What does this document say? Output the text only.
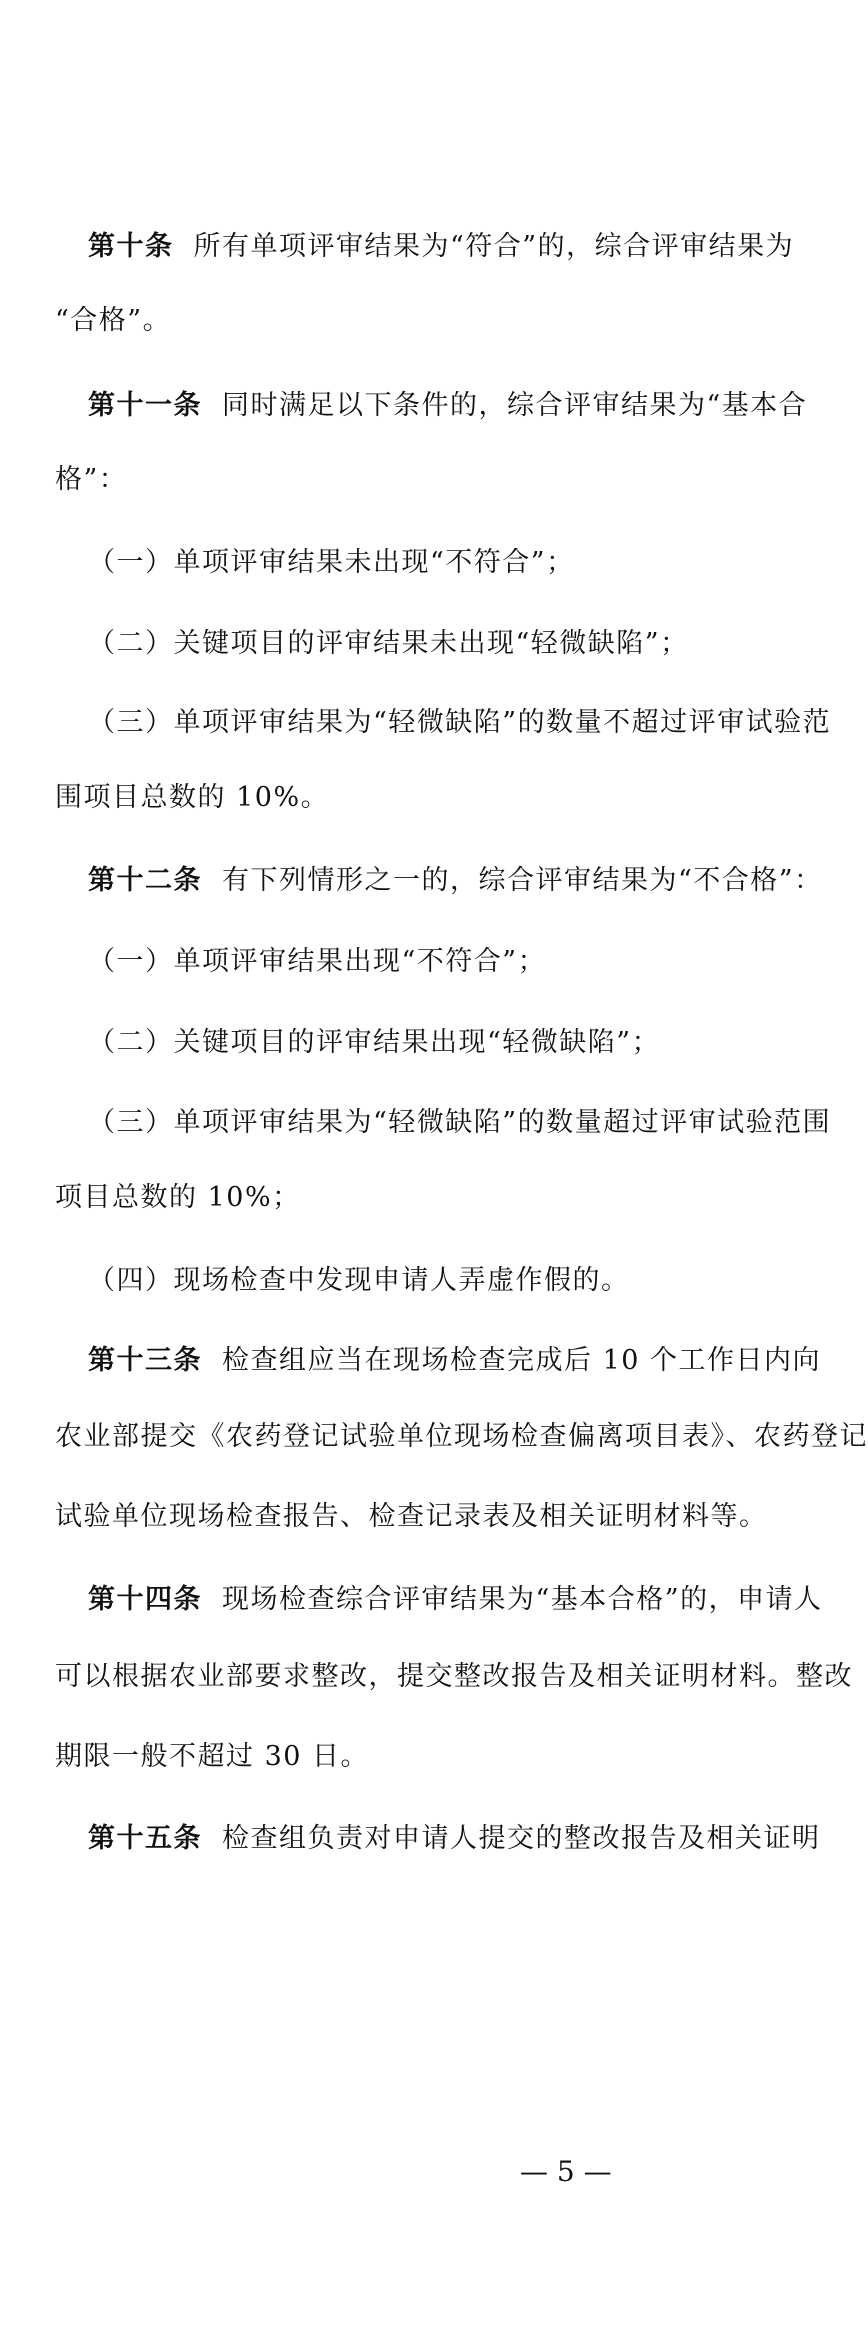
第十条 所有单项评审结果为“符合”的，综合评审结果为
“合格”。
第十一条 同时满足以下条件的，综合评审结果为“基本合
格”：
（一）单项评审结果未出现“不符合”；
（二）关键项目的评审结果未出现“轻微缺陷”；
（三）单项评审结果为“轻微缺陷”的数量不超过评审试验范
围项目总数的 10%。
第十二条 有下列情形之一的，综合评审结果为“不合格”：
（一）单项评审结果出现“不符合”；
（二）关键项目的评审结果出现“轻微缺陷”；
（三）单项评审结果为“轻微缺陷”的数量超过评审试验范围
项目总数的 10%；
（四）现场检查中发现申请人弄虚作假的。
第十三条 检查组应当在现场检查完成后 10 个工作日内向
农业部提交《农药登记试验单位现场检查偏离项目表》、农药登记
试验单位现场检查报告、检查记录表及相关证明材料等。
第十四条 现场检查综合评审结果为“基本合格”的，申请人
可以根据农业部要求整改，提交整改报告及相关证明材料。整改
期限一般不超过 30 日。
第十五条 检查组负责对申请人提交的整改报告及相关证明
— 5 —
